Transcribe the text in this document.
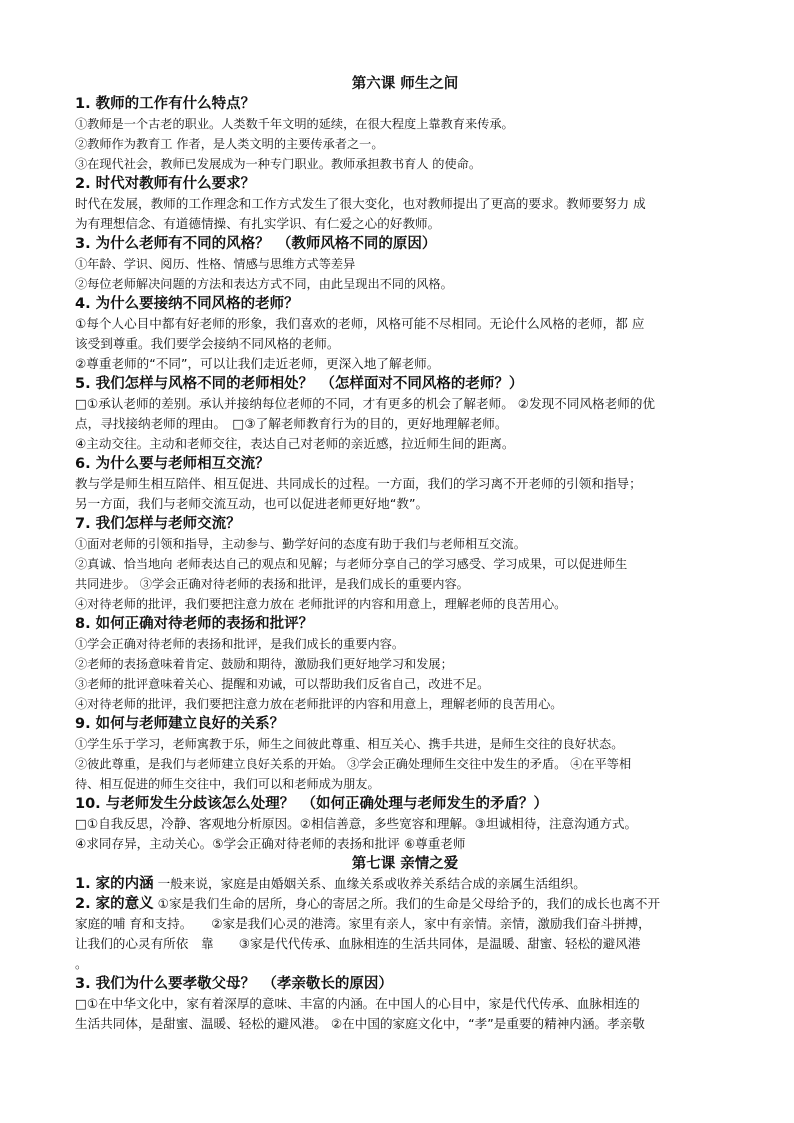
第六课 师生之间
1. 教师的工作有什么特点？
①教师是一个古老的职业。人类数千年文明的延续，在很大程度上靠教育来传承。
②教师作为教育工 作者，是人类文明的主要传承者之一。
③在现代社会，教师已发展成为一种专门职业。教师承担教书育人 的使命。
2. 时代对教师有什么要求？
时代在发展，教师的工作理念和工作方式发生了很大变化，也对教师提出了更高的要求。教师要努力 成
为有理想信念、有道德情操、有扎实学识、有仁爱之心的好教师。
3. 为什么老师有不同的风格？　（教师风格不同的原因）
①年龄、学识、阅历、性格、情感与思维方式等差异
②每位老师解决问题的方法和表达方式不同，由此呈现出不同的风格。
4. 为什么要接纳不同风格的老师？
①每个人心目中都有好老师的形象，我们喜欢的老师，风格可能不尽相同。无论什么风格的老师，都 应
该受到尊重。我们要学会接纳不同风格的老师。
②尊重老师的“不同”，可以让我们走近老师，更深入地了解老师。
5. 我们怎样与风格不同的老师相处？　（怎样面对不同风格的老师？）
□①承认老师的差别。承认并接纳每位老师的不同，才有更多的机会了解老师。 ②发现不同风格老师的优
点，寻找接纳老师的理由。　□③了解老师教育行为的目的，更好地理解老师。
④主动交往。主动和老师交往，表达自己对老师的亲近感，拉近师生间的距离。
6. 为什么要与老师相互交流？
教与学是师生相互陪伴、相互促进、共同成长的过程。一方面，我们的学习离不开老师的引领和指导；
另一方面，我们与老师交流互动，也可以促进老师更好地“教”。
7. 我们怎样与老师交流？
①面对老师的引领和指导，主动参与、勤学好问的态度有助于我们与老师相互交流。
②真诚、恰当地向 老师表达自己的观点和见解；与老师分享自己的学习感受、学习成果，可以促进师生
共同进步。 ③学会正确对待老师的表扬和批评，是我们成长的重要内容。
④对待老师的批评，我们要把注意力放在 老师批评的内容和用意上，理解老师的良苦用心。
8. 如何正确对待老师的表扬和批评？
①学会正确对待老师的表扬和批评，是我们成长的重要内容。
②老师的表扬意味着肯定、鼓励和期待，激励我们更好地学习和发展；
③老师的批评意味着关心、提醒和劝诫，可以帮助我们反省自己，改进不足。
④对待老师的批评，我们要把注意力放在老师批评的内容和用意上，理解老师的良苦用心。
9. 如何与老师建立良好的关系？
①学生乐于学习，老师寓教于乐，师生之间彼此尊重、相互关心、携手共进，是师生交往的良好状态。
②彼此尊重，是我们与老师建立良好关系的开始。 ③学会正确处理师生交往中发生的矛盾。 ④在平等相
待、相互促进的师生交往中，我们可以和老师成为朋友。
10. 与老师发生分歧该怎么处理？　（如何正确处理与老师发生的矛盾？）
□①自我反思，冷静、客观地分析原因。②相信善意，多些宽容和理解。③坦诚相待，注意沟通方式。
④求同存异，主动关心。⑤学会正确对待老师的表扬和批评 ⑥尊重老师
第七课 亲情之爱
1. 家的内涵 一般来说，家庭是由婚姻关系、血缘关系或收养关系结合成的亲属生活组织。
2. 家的意义 ①家是我们生命的居所，身心的寄居之所。我们的生命是父母给予的，我们的成长也离不开
家庭的哺 育和支持。　　②家是我们心灵的港湾。家里有亲人，家中有亲情。亲情，激励我们奋斗拼搏，
让我们的心灵有所依　靠　　③家是代代传承、血脉相连的生活共同体，是温暖、甜蜜、轻松的避风港
。
3. 我们为什么要孝敬父母？　（孝亲敬长的原因）
□①在中华文化中，家有着深厚的意味、丰富的内涵。在中国人的心目中，家是代代传承、血脉相连的
生活共同体，是甜蜜、温暖、轻松的避风港。 ②在中国的家庭文化中，“孝”是重要的精神内涵。孝亲敬
